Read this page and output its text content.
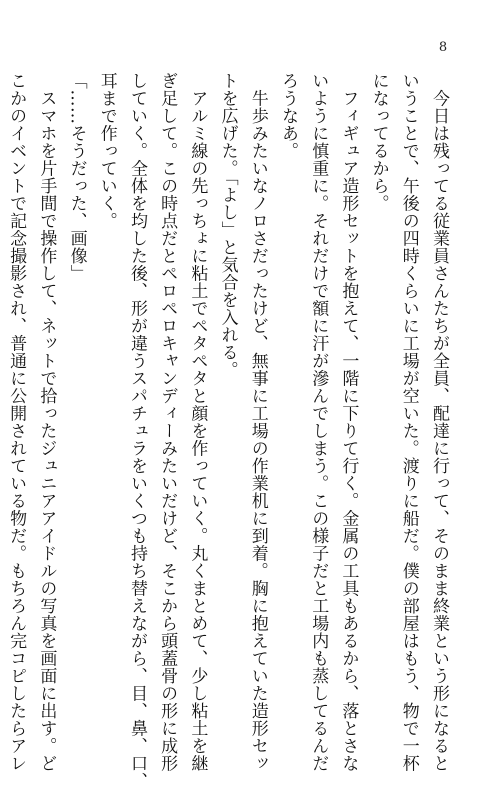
8
　今日は残ってる従業員さんたちが全員、配達に行って、そのまま終業という形になると
いうことで、午後の四時くらいに工場が空いた。渡りに船だ。僕の部屋はもう、物で一杯
になってるから。
　フィギュア造形セットを抱えて、一階に下りて行く。金属の工具もあるから、落とさな
いように慎重に。それだけで額に汗が滲んでしまう。この様子だと工場内も蒸してるんだ
ろうなあ。
　牛歩みたいなノロさだったけど、無事に工場の作業机に到着。胸に抱えていた造形セッ
トを広げた。「よし」と気合を入れる。
　アルミ線の先っちょに粘土でペタペタと顔を作っていく。丸くまとめて、少し粘土を継
ぎ足して。この時点だとペロペロキャンディーみたいだけど、そこから頭蓋骨の形に成形
していく。全体を均した後、形が違うスパチュラをいくつも持ち替えながら、目、鼻、口、
耳まで作っていく。
「……そうだった、画像」
　スマホを片手間で操作して、ネットで拾ったジュニアアイドルの写真を画面に出す。ど
こかのイベントで記念撮影され、普通に公開されている物だ。もちろん完コピしたらアレ
